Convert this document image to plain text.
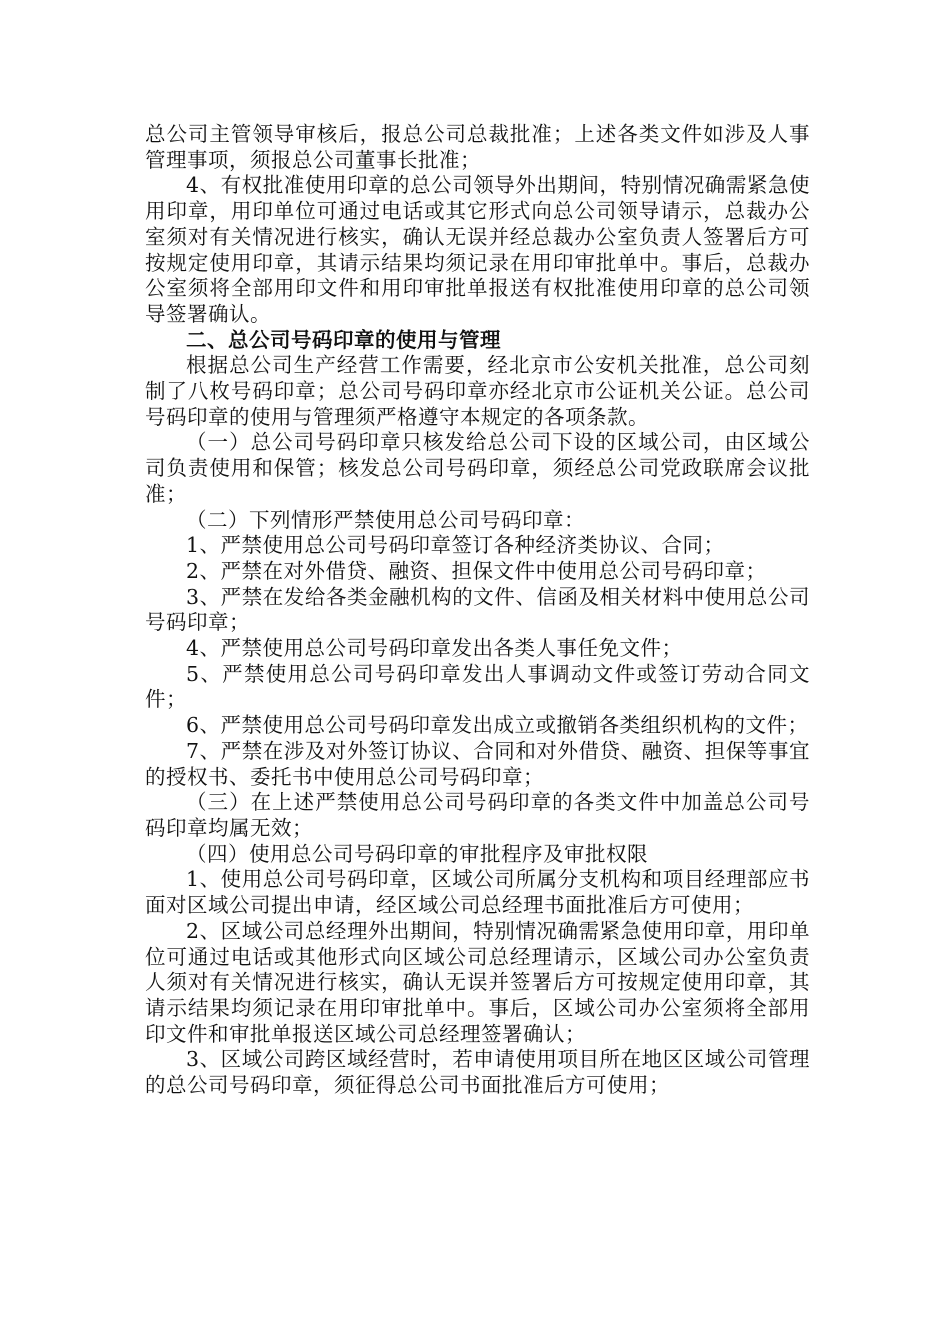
总公司主管领导审核后，报总公司总裁批准；上述各类文件如涉及人事管理事项，须报总公司董事长批准；

4、有权批准使用印章的总公司领导外出期间，特别情况确需紧急使用印章，用印单位可通过电话或其它形式向总公司领导请示，总裁办公室须对有关情况进行核实，确认无误并经总裁办公室负责人签署后方可按规定使用印章，其请示结果均须记录在用印审批单中。事后，总裁办公室须将全部用印文件和用印审批单报送有权批准使用印章的总公司领导签署确认。

二、总公司号码印章的使用与管理

根据总公司生产经营工作需要，经北京市公安机关批准，总公司刻制了八枚号码印章；总公司号码印章亦经北京市公证机关公证。总公司号码印章的使用与管理须严格遵守本规定的各项条款。

（一）总公司号码印章只核发给总公司下设的区域公司，由区域公司负责使用和保管；核发总公司号码印章，须经总公司党政联席会议批准；

（二）下列情形严禁使用总公司号码印章：

1、严禁使用总公司号码印章签订各种经济类协议、合同；

2、严禁在对外借贷、融资、担保文件中使用总公司号码印章；

3、严禁在发给各类金融机构的文件、信函及相关材料中使用总公司号码印章；

4、严禁使用总公司号码印章发出各类人事任免文件；

5、严禁使用总公司号码印章发出人事调动文件或签订劳动合同文件；

6、严禁使用总公司号码印章发出成立或撤销各类组织机构的文件；

7、严禁在涉及对外签订协议、合同和对外借贷、融资、担保等事宜的授权书、委托书中使用总公司号码印章；

（三）在上述严禁使用总公司号码印章的各类文件中加盖总公司号码印章均属无效；

（四）使用总公司号码印章的审批程序及审批权限

1、使用总公司号码印章，区域公司所属分支机构和项目经理部应书面对区域公司提出申请，经区域公司总经理书面批准后方可使用；

2、区域公司总经理外出期间，特别情况确需紧急使用印章，用印单位可通过电话或其他形式向区域公司总经理请示，区域公司办公室负责人须对有关情况进行核实，确认无误并签署后方可按规定使用印章，其请示结果均须记录在用印审批单中。事后，区域公司办公室须将全部用印文件和审批单报送区域公司总经理签署确认；

3、区域公司跨区域经营时，若申请使用项目所在地区区域公司管理的总公司号码印章，须征得总公司书面批准后方可使用；
